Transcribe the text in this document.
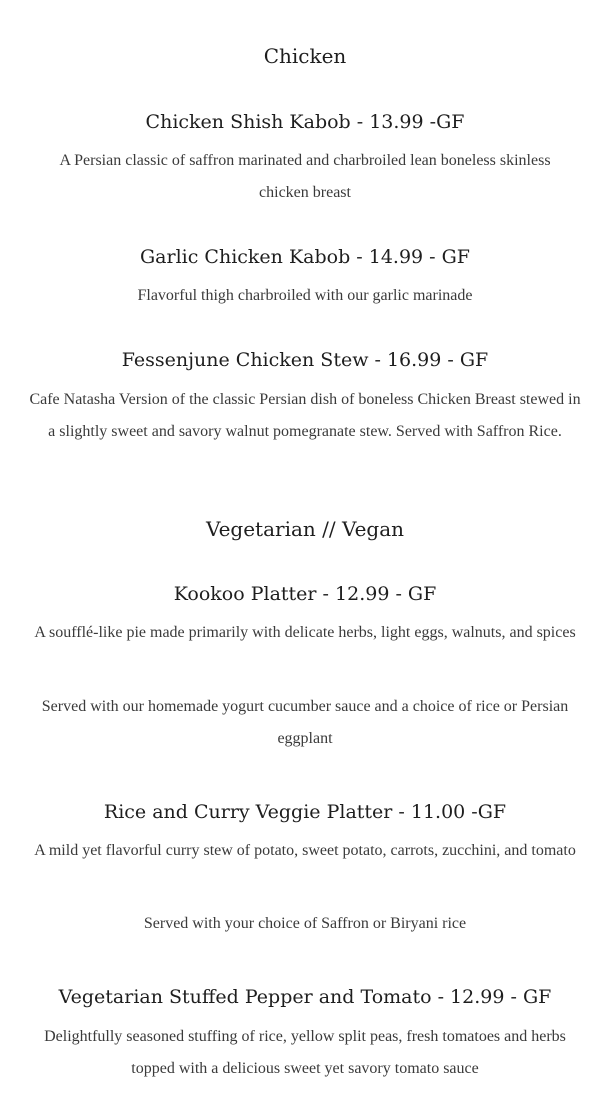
Chicken
Chicken Shish Kabob - 13.99 -GF
A Persian classic of saffron marinated and charbroiled lean boneless skinless chicken breast
Garlic Chicken Kabob - 14.99 - GF
Flavorful thigh charbroiled with our garlic marinade
Fessenjune Chicken Stew - 16.99 - GF
Cafe Natasha Version of the classic Persian dish of boneless Chicken Breast stewed in a slightly sweet and savory walnut pomegranate stew. Served with Saffron Rice.
Vegetarian // Vegan
Kookoo Platter - 12.99 - GF
A soufflé-like pie made primarily with delicate herbs, light eggs, walnuts, and spices
Served with our homemade yogurt cucumber sauce and a choice of rice or Persian eggplant
Rice and Curry Veggie Platter - 11.00 -GF
A mild yet flavorful curry stew of potato, sweet potato, carrots, zucchini, and tomato
Served with your choice of Saffron or Biryani rice
Vegetarian Stuffed Pepper and Tomato - 12.99 - GF
Delightfully seasoned stuffing of rice, yellow split peas, fresh tomatoes and herbs topped with a delicious sweet yet savory tomato sauce
